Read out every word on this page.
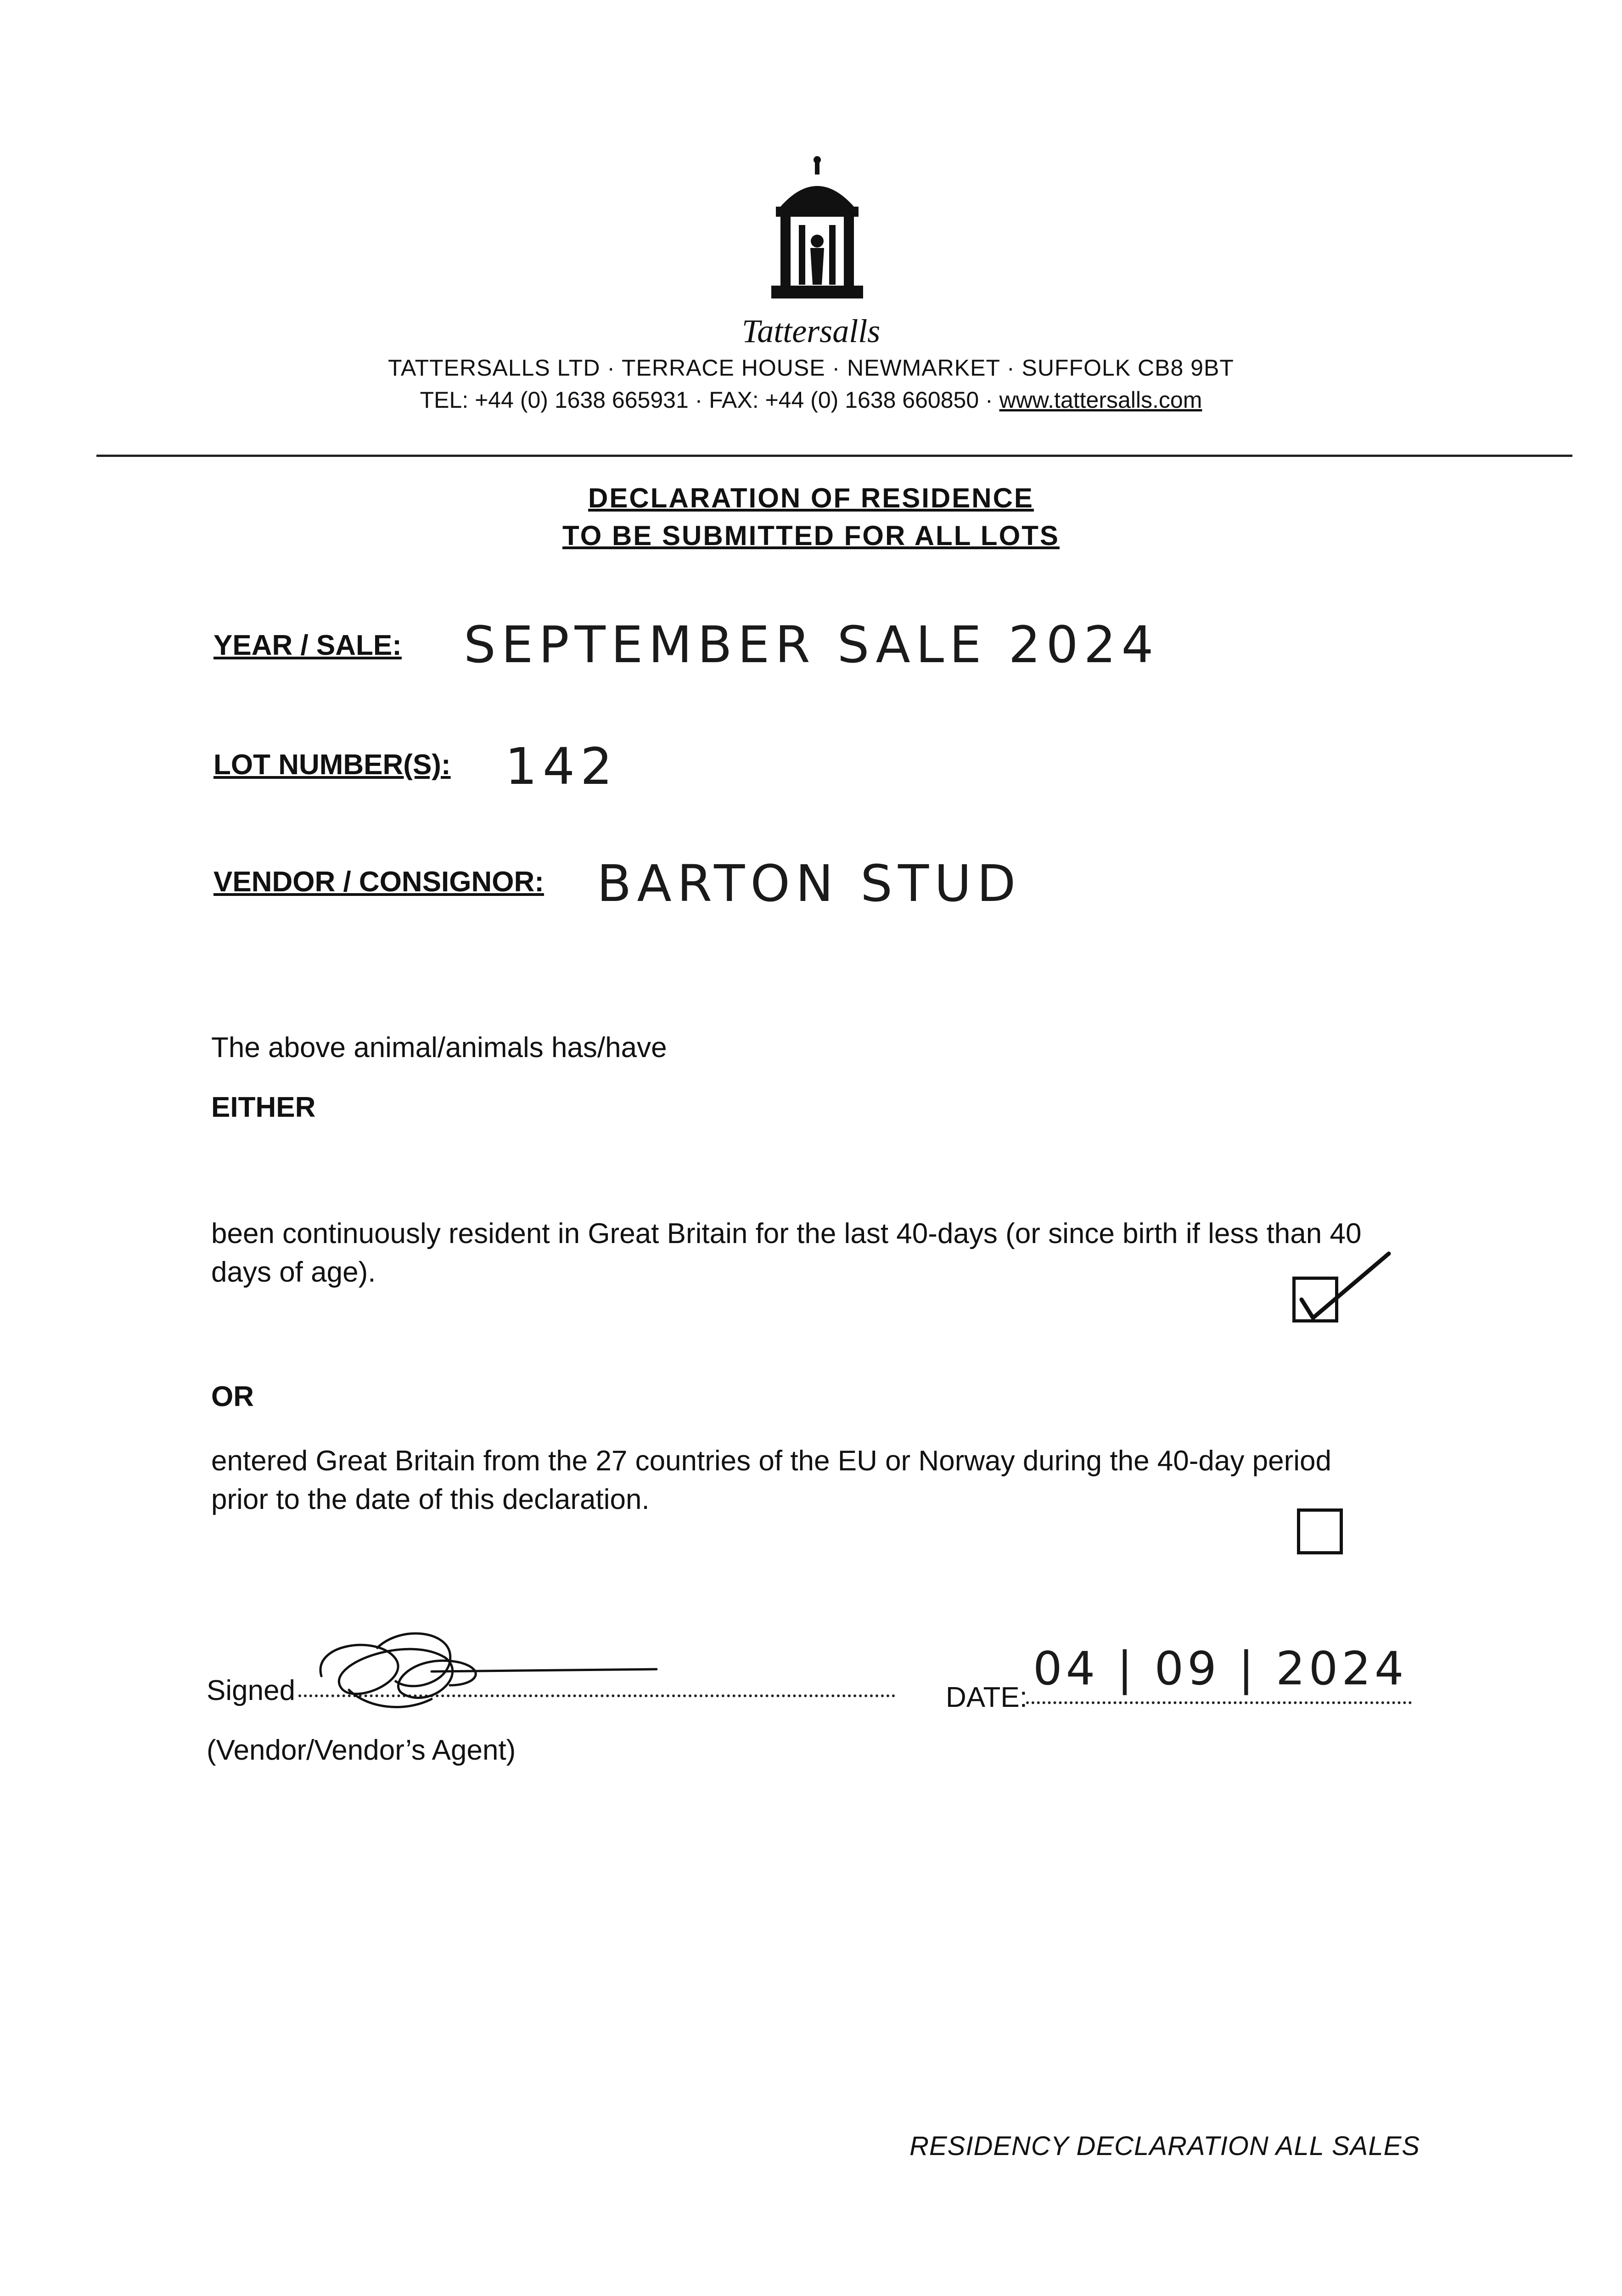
Tattersalls
TATTERSALLS LTD · TERRACE HOUSE · NEWMARKET · SUFFOLK CB8 9BT
TEL: +44 (0) 1638 665931 · FAX: +44 (0) 1638 660850 · www.tattersalls.com
DECLARATION OF RESIDENCE
TO BE SUBMITTED FOR ALL LOTS
YEAR / SALE: SEPTEMBER SALE 2024
LOT NUMBER(S): 142
VENDOR / CONSIGNOR: BARTON STUD
The above animal/animals has/have
EITHER
been continuously resident in Great Britain for the last 40-days (or since birth if less than 40
days of age).
OR
entered Great Britain from the 27 countries of the EU or Norway during the 40-day period
prior to the date of this declaration.
Signed
(Vendor/Vendor’s Agent)
DATE:
04 | 09 | 2024
RESIDENCY DECLARATION ALL SALES
